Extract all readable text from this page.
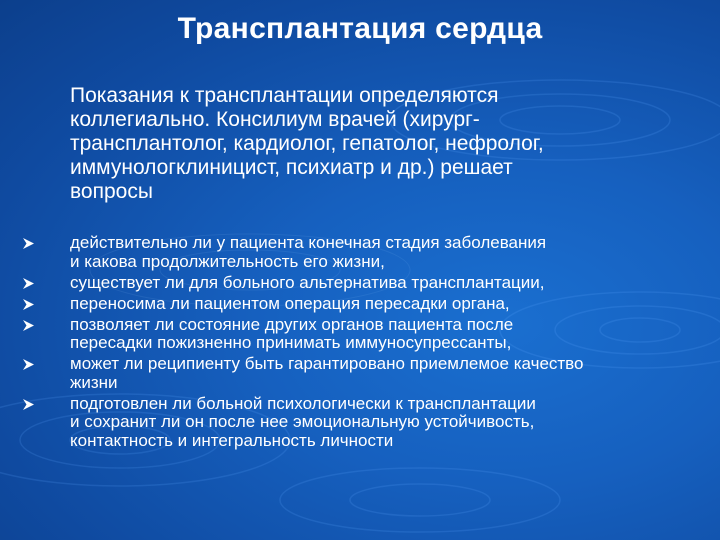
Трансплантация сердца
Показания к трансплантации определяются
коллегиально. Консилиум врачей (хирург-
трансплантолог, кардиолог, гепатолог, нефролог,
иммунологклиницист, психиатр и др.) решает
вопросы
действительно ли у пациента конечная стадия заболевания
и какова продолжительность его жизни,
существует ли для больного альтернатива трансплантации,
переносима ли пациентом операция пересадки органа,
позволяет ли состояние других органов пациента после
пересадки пожизненно принимать иммуносупрессанты,
может ли реципиенту быть гарантировано приемлемое качество
жизни
подготовлен ли больной психологически к трансплантации
и сохранит ли он после нее эмоциональную устойчивость,
контактность и интегральность личности
